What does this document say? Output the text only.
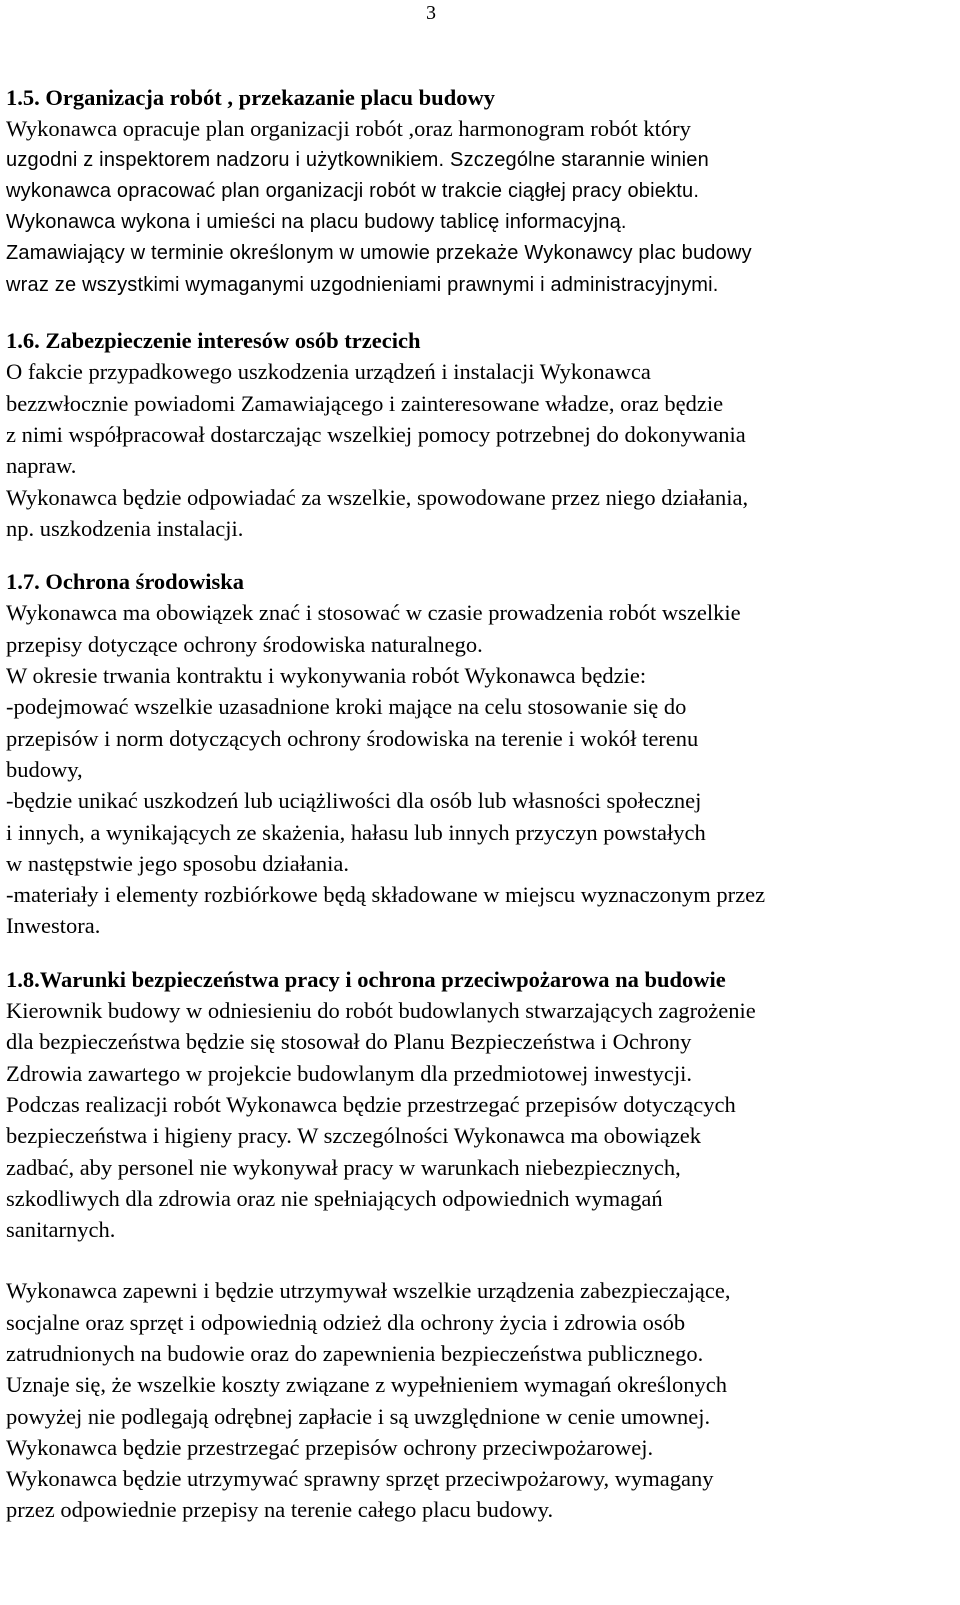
3
1.5. Organizacja robót , przekazanie placu budowy
Wykonawca opracuje plan organizacji robót ,oraz harmonogram robót który
uzgodni z inspektorem nadzoru i użytkownikiem. Szczególne starannie winien
wykonawca opracować plan organizacji robót w trakcie ciągłej pracy obiektu.
Wykonawca wykona i umieści na placu budowy tablicę informacyjną.
Zamawiający w terminie określonym w umowie przekaże Wykonawcy plac budowy
wraz ze wszystkimi wymaganymi uzgodnieniami prawnymi i administracyjnymi.
1.6. Zabezpieczenie interesów osób trzecich
O fakcie przypadkowego uszkodzenia urządzeń i instalacji Wykonawca
bezzwłocznie powiadomi Zamawiającego i zainteresowane władze, oraz będzie
z nimi współpracował dostarczając wszelkiej pomocy potrzebnej do dokonywania
napraw.
Wykonawca będzie odpowiadać za wszelkie, spowodowane przez niego działania,
np. uszkodzenia instalacji.
1.7. Ochrona środowiska
Wykonawca ma obowiązek znać i stosować w czasie prowadzenia robót wszelkie
przepisy dotyczące ochrony środowiska naturalnego.
W okresie trwania kontraktu i wykonywania robót Wykonawca będzie:
-podejmować wszelkie uzasadnione kroki mające na celu stosowanie się do
przepisów i norm dotyczących ochrony środowiska na terenie i wokół terenu
budowy,
-będzie unikać uszkodzeń lub uciążliwości dla osób lub własności społecznej
i innych, a wynikających ze skażenia, hałasu lub innych przyczyn powstałych
w następstwie jego sposobu działania.
-materiały i elementy rozbiórkowe będą składowane w miejscu wyznaczonym przez
Inwestora.
1.8.Warunki bezpieczeństwa pracy i ochrona przeciwpożarowa na budowie
Kierownik budowy w odniesieniu do robót budowlanych stwarzających zagrożenie
dla bezpieczeństwa będzie się stosował do Planu Bezpieczeństwa i Ochrony
Zdrowia zawartego w projekcie budowlanym dla przedmiotowej inwestycji.
Podczas realizacji robót Wykonawca będzie przestrzegać przepisów dotyczących
bezpieczeństwa i higieny pracy. W szczególności Wykonawca ma obowiązek
zadbać, aby personel nie wykonywał pracy w warunkach niebezpiecznych,
szkodliwych dla zdrowia oraz nie spełniających odpowiednich wymagań
sanitarnych.
Wykonawca zapewni i będzie utrzymywał wszelkie urządzenia zabezpieczające,
socjalne oraz sprzęt i odpowiednią odzież dla ochrony życia i zdrowia osób
zatrudnionych na budowie oraz do zapewnienia bezpieczeństwa publicznego.
Uznaje się, że wszelkie koszty związane z wypełnieniem wymagań określonych
powyżej nie podlegają odrębnej zapłacie i są uwzględnione w cenie umownej.
Wykonawca będzie przestrzegać przepisów ochrony przeciwpożarowej.
Wykonawca będzie utrzymywać sprawny sprzęt przeciwpożarowy, wymagany
przez odpowiednie przepisy na terenie całego placu budowy.
